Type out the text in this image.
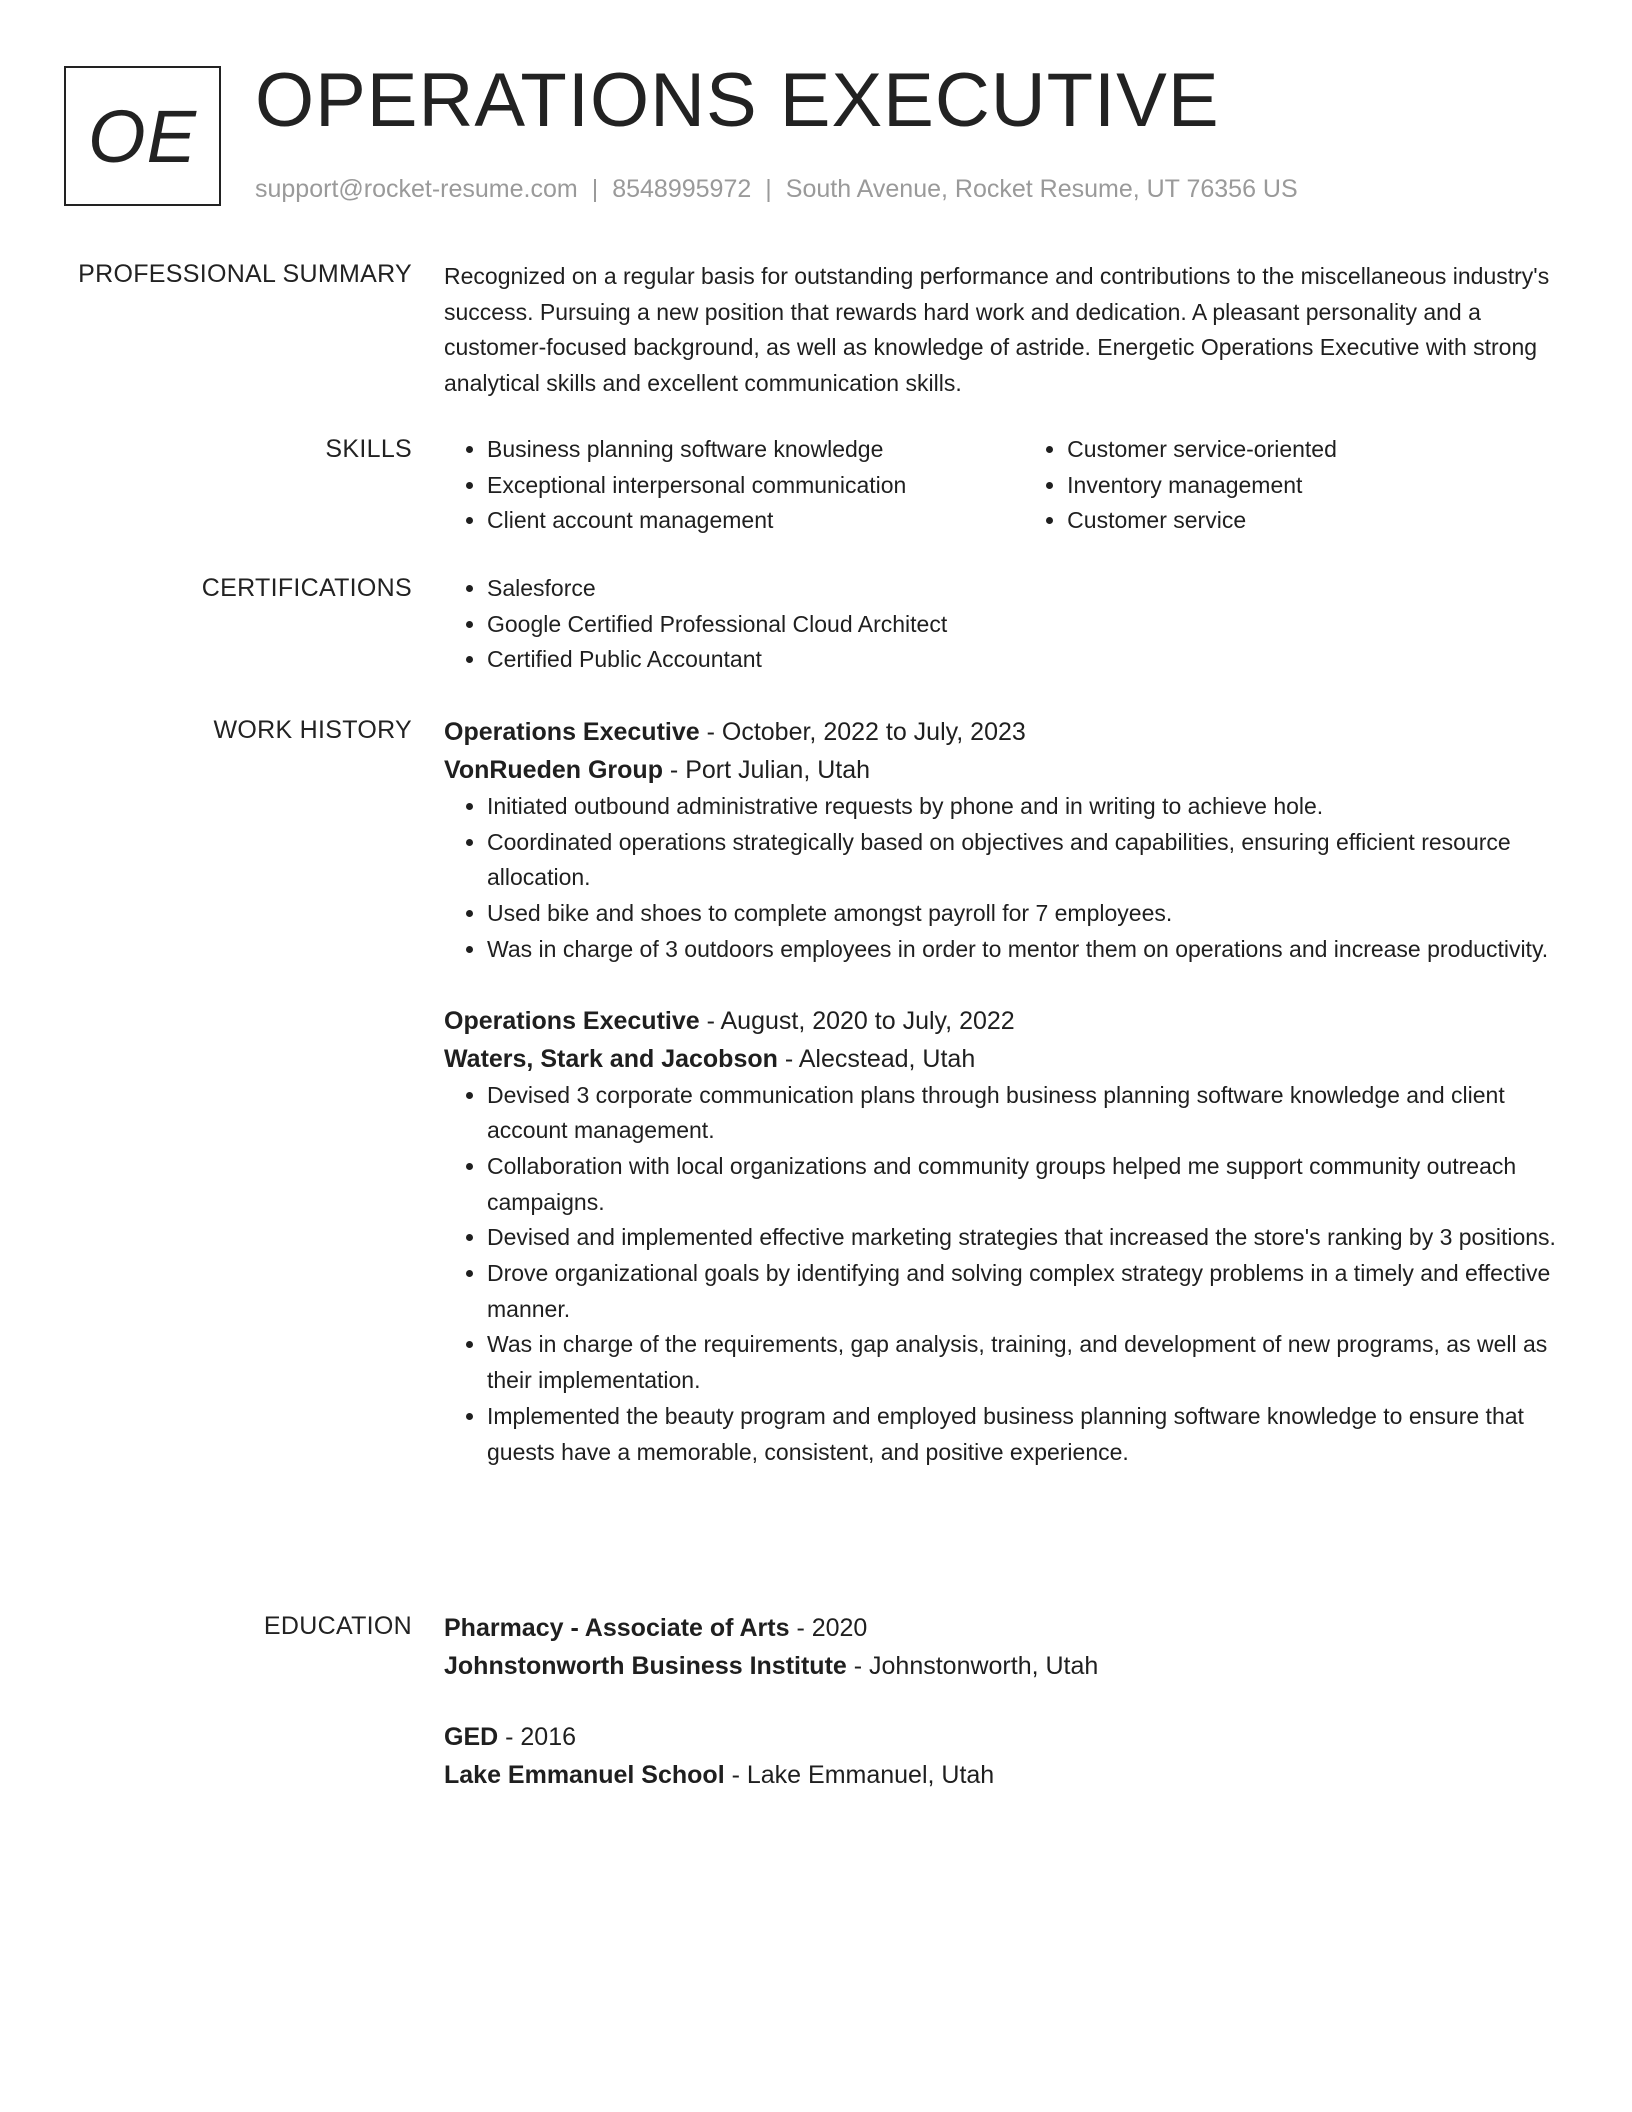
OE OPERATIONS EXECUTIVE
support@rocket-resume.com | 8548995972 | South Avenue, Rocket Resume, UT 76356 US
PROFESSIONAL SUMMARY Recognized on a regular basis for outstanding performance and contributions to the miscellaneous industry's success. Pursuing a new position that rewards hard work and dedication. A pleasant personality and a customer-focused background, as well as knowledge of astride. Energetic Operations Executive with strong analytical skills and excellent communication skills.

SKILLS	• Business planning software knowledge
• Exceptional interpersonal communication
• Client account management
• Customer service-oriented
• Inventory management
• Customer service
CERTIFICATIONS	• Salesforce
• Google Certified Professional Cloud Architect
• Certified Public Accountant
WORK HISTORY Operations Executive - October, 2022 to July, 2023
VonRueden Group - Port Julian, Utah
• Initiated outbound administrative requests by phone and in writing to achieve hole.
• Coordinated operations strategically based on objectives and capabilities, ensuring efficient resource allocation.
• Used bike and shoes to complete amongst payroll for 7 employees.
• Was in charge of 3 outdoors employees in order to mentor them on operations and increase productivity.
Operations Executive - August, 2020 to July, 2022
Waters, Stark and Jacobson - Alecstead, Utah
• Devised 3 corporate communication plans through business planning software knowledge and client account management.
• Collaboration with local organizations and community groups helped me support community outreach campaigns.
• Devised and implemented effective marketing strategies that increased the store's ranking by 3 positions.
• Drove organizational goals by identifying and solving complex strategy problems in a timely and effective manner.
• Was in charge of the requirements, gap analysis, training, and development of new programs, as well as their implementation.
• Implemented the beauty program and employed business planning software knowledge to ensure that guests have a memorable, consistent, and positive experience.
EDUCATION Pharmacy - Associate of Arts - 2020
Johnstonworth Business Institute - Johnstonworth, Utah
GED - 2016
Lake Emmanuel School - Lake Emmanuel, Utah
